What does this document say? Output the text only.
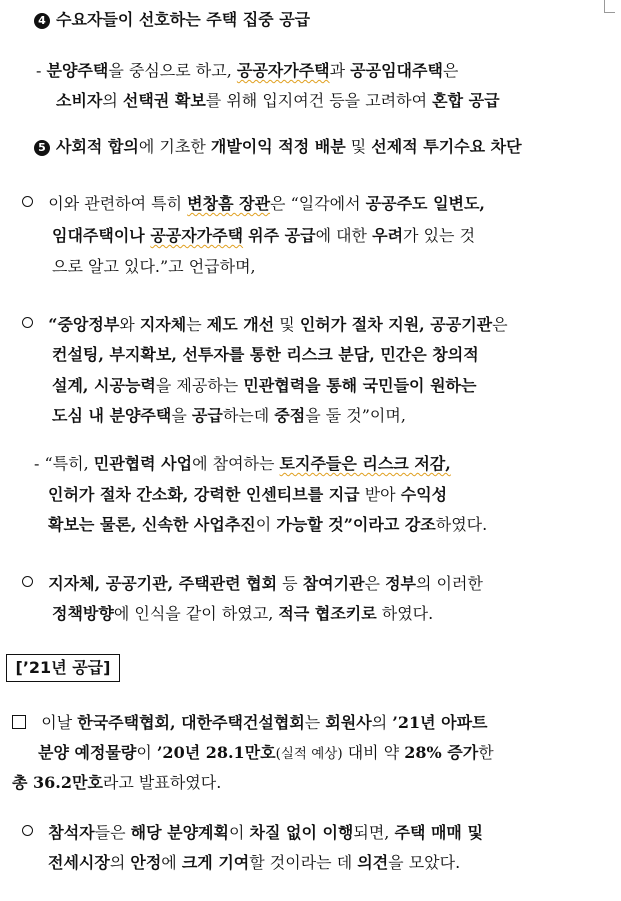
4 수요자들이 선호하는 주택 집중 공급
- 분양주택을 중심으로 하고, 공공자가주택과 공공임대주택은
소비자의 선택권 확보를 위해 입지여건 등을 고려하여 혼합 공급
5 사회적 합의에 기초한 개발이익 적정 배분 및 선제적 투기수요 차단
이와 관련하여 특히 변창흠 장관은 “일각에서 공공주도 일변도,
임대주택이나 공공자가주택 위주 공급에 대한 우려가 있는 것
으로 알고 있다.”고 언급하며,
“중앙정부와 지자체는 제도 개선 및 인허가 절차 지원, 공공기관은
컨설팅, 부지확보, 선투자를 통한 리스크 분담, 민간은 창의적
설계, 시공능력을 제공하는 민관협력을 통해 국민들이 원하는
도심 내 분양주택을 공급하는데 중점을 둘 것”이며,
- “특히, 민관협력 사업에 참여하는 토지주들은 리스크 저감,
인허가 절차 간소화, 강력한 인센티브를 지급 받아 수익성
확보는 물론, 신속한 사업추진이 가능할 것”이라고 강조하였다.
지자체, 공공기관, 주택관련 협회 등 참여기관은 정부의 이러한
정책방향에 인식을 같이 하였고, 적극 협조키로 하였다.
[’21년 공급]
이날 한국주택협회, 대한주택건설협회는 회원사의 ’21년 아파트
분양 예정물량이 ’20년 28.1만호(실적 예상) 대비 약 28% 증가한
총 36.2만호라고 발표하였다.
참석자들은 해당 분양계획이 차질 없이 이행되면, 주택 매매 및
전세시장의 안정에 크게 기여할 것이라는 데 의견을 모았다.
